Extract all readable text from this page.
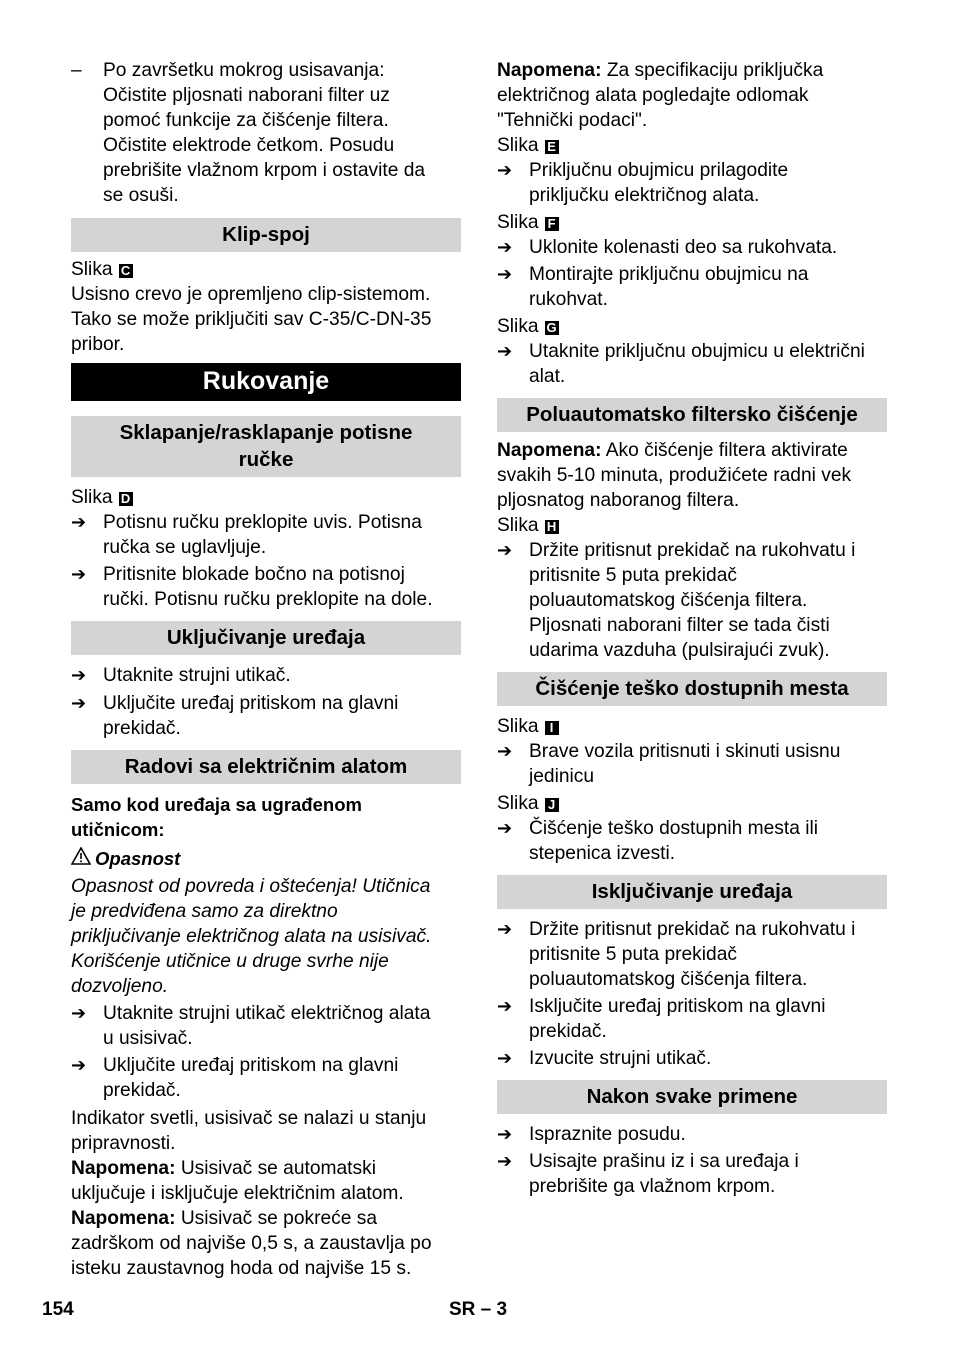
– Po završetku mokrog usisavanja:

Očistite pljosnati naborani filter uz

pomoć funkcije za čišćenje filtera.

Očistite elektrode četkom. Posudu

prebrišite vlažnom krpom i ostavite da

se osuši.

Klip-spoj

Slika C

Usisno crevo je opremljeno clip-sistemom.

Tako se može priključiti sav C-35/C-DN-35

pribor.

Rukovanje
Sklapanje/rasklapanje potisne
ručke

Slika D

➔ Potisnu ručku preklopite uvis. Potisna

ručka se uglavljuje.

➔ Pritisnite blokade bočno na potisnoj

ručki. Potisnu ručku preklopite na dole.

Uključivanje uređaja
➔ Utaknite strujni utikač.

➔ Uključite uređaj pritiskom na glavni

prekidač.

Radovi sa električnim alatom

Samo kod uređaja sa ugrađenom

utičnicom:

Opasnost

Opasnost od povreda i oštećenja! Utičnica

je predviđena samo za direktno

priključivanje električnog alata na usisivač.

Korišćenje utičnice u druge svrhe nije

dozvoljeno.

➔ Utaknite strujni utikač električnog alata

u usisivač.

➔ Uključite uređaj pritiskom na glavni

prekidač.

Indikator svetli, usisivač se nalazi u stanju

pripravnosti.

Napomena: Usisivač se automatski

uključuje i isključuje električnim alatom.

Napomena: Usisivač se pokreće sa

zadrškom od najviše 0,5 s, a zaustavlja po

isteku zaustavnog hoda od najviše 15 s.

Napomena: Za specifikaciju priključka

električnog alata pogledajte odlomak

"Tehnički podaci".

Slika E

➔ Priključnu obujmicu prilagodite

priključku električnog alata.

Slika F

➔ Uklonite kolenasti deo sa rukohvata.

➔ Montirajte priključnu obujmicu na

rukohvat.

Slika G

➔ Utaknite priključnu obujmicu u električni

alat.

Poluautomatsko filtersko čišćenje

Napomena: Ako čišćenje filtera aktivirate

svakih 5-10 minuta, produžićete radni vek

pljosnatog naboranog filtera.

Slika H

➔ Držite pritisnut prekidač na rukohvatu i

pritisnite 5 puta prekidač

poluautomatskog čišćenja filtera.

Pljosnati naborani filter se tada čisti

udarima vazduha (pulsirajući zvuk).

Čišćenje teško dostupnih mesta

Slika I

➔ Brave vozila pritisnuti i skinuti usisnu

jedinicu

Slika J

➔ Čišćenje teško dostupnih mesta ili

stepenica izvesti.

Isključivanje uređaja
➔ Držite pritisnut prekidač na rukohvatu i

pritisnite 5 puta prekidač

poluautomatskog čišćenja filtera.

➔ Isključite uređaj pritiskom na glavni

prekidač.

➔ Izvucite strujni utikač.

Nakon svake primene
➔ Ispraznite posudu.

➔ Usisajte prašinu iz i sa uređaja i

prebrišite ga vlažnom krpom.

154	SR – 3
